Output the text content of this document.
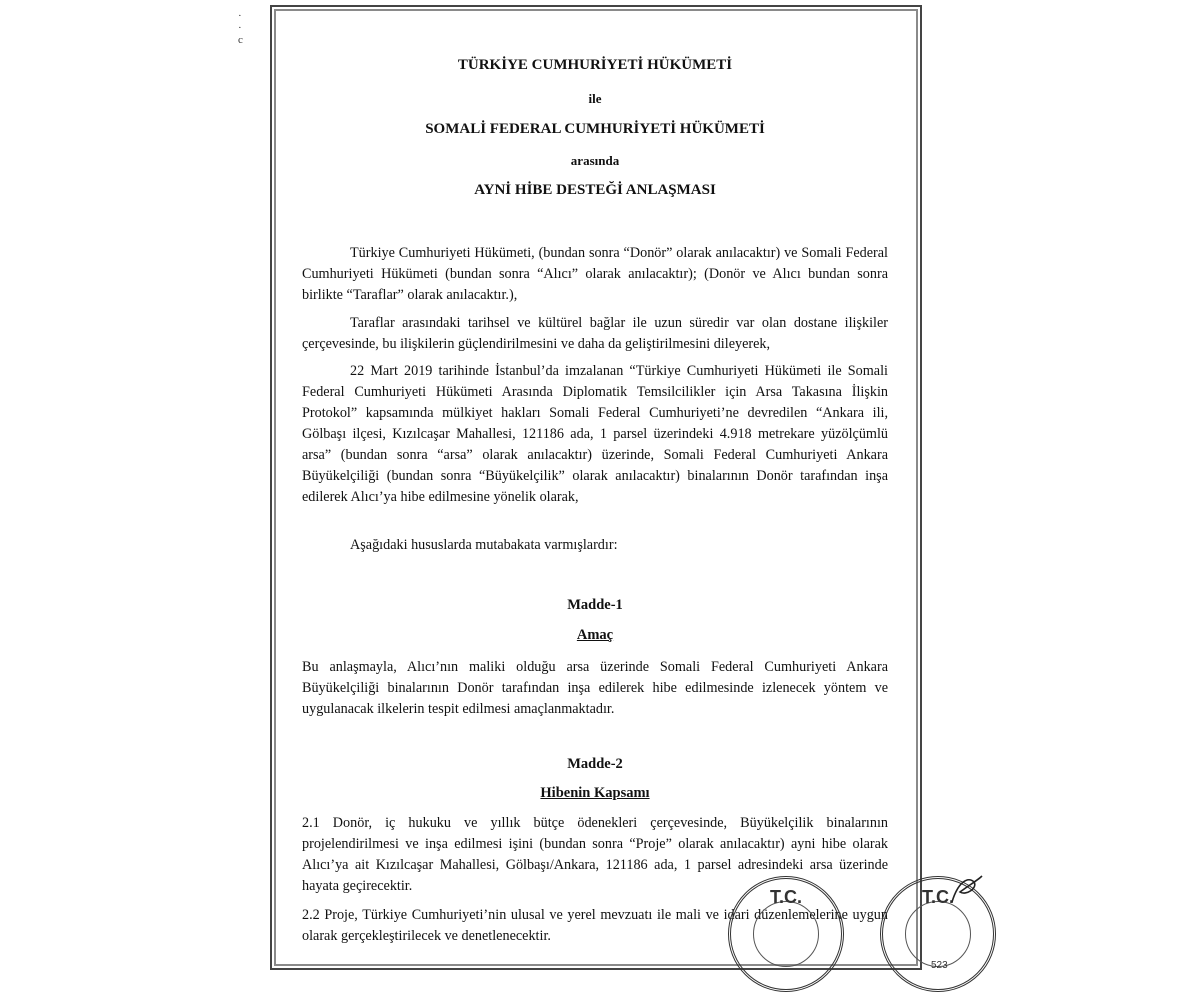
·
·
c
TÜRKİYE CUMHURİYETİ HÜKÜMETİ
ile
SOMALİ FEDERAL CUMHURİYETİ HÜKÜMETİ
arasında
AYNİ HİBE DESTEĞİ ANLAŞMASI
Türkiye Cumhuriyeti Hükümeti, (bundan sonra “Donör” olarak anılacaktır) ve Somali Federal Cumhuriyeti Hükümeti (bundan sonra “Alıcı” olarak anılacaktır); (Donör ve Alıcı bundan sonra birlikte “Taraflar” olarak anılacaktır.),
Taraflar arasındaki tarihsel ve kültürel bağlar ile uzun süredir var olan dostane ilişkiler çerçevesinde, bu ilişkilerin güçlendirilmesini ve daha da geliştirilmesini dileyerek,
22 Mart 2019 tarihinde İstanbul’da imzalanan “Türkiye Cumhuriyeti Hükümeti ile Somali Federal Cumhuriyeti Hükümeti Arasında Diplomatik Temsilcilikler için Arsa Takasına İlişkin Protokol” kapsamında mülkiyet hakları Somali Federal Cumhuriyeti’ne devredilen “Ankara ili, Gölbaşı ilçesi, Kızılcaşar Mahallesi, 121186 ada, 1 parsel üzerindeki 4.918 metrekare yüzölçümlü arsa” (bundan sonra “arsa” olarak anılacaktır) üzerinde, Somali Federal Cumhuriyeti Ankara Büyükelçiliği (bundan sonra “Büyükelçilik” olarak anılacaktır) binalarının Donör tarafından inşa edilerek Alıcı’ya hibe edilmesine yönelik olarak,
Aşağıdaki hususlarda mutabakata varmışlardır:
Madde-1
Amaç
Bu anlaşmayla, Alıcı’nın maliki olduğu arsa üzerinde Somali Federal Cumhuriyeti Ankara Büyükelçiliği binalarının Donör tarafından inşa edilerek hibe edilmesinde izlenecek yöntem ve uygulanacak ilkelerin tespit edilmesi amaçlanmaktadır.
Madde-2
Hibenin Kapsamı
2.1 Donör, iç hukuku ve yıllık bütçe ödenekleri çerçevesinde, Büyükelçilik binalarının projelendirilmesi ve inşa edilmesi işini (bundan sonra “Proje” olarak anılacaktır) ayni hibe olarak Alıcı’ya ait Kızılcaşar Mahallesi, Gölbaşı/Ankara, 121186 ada, 1 parsel adresindeki arsa üzerinde hayata geçirecektir.
2.2 Proje, Türkiye Cumhuriyeti’nin ulusal ve yerel mevzuatı ile mali ve idari düzenlemelerine uygun olarak gerçekleştirilecek ve denetlenecektir.
T.C.	T.C.
523
